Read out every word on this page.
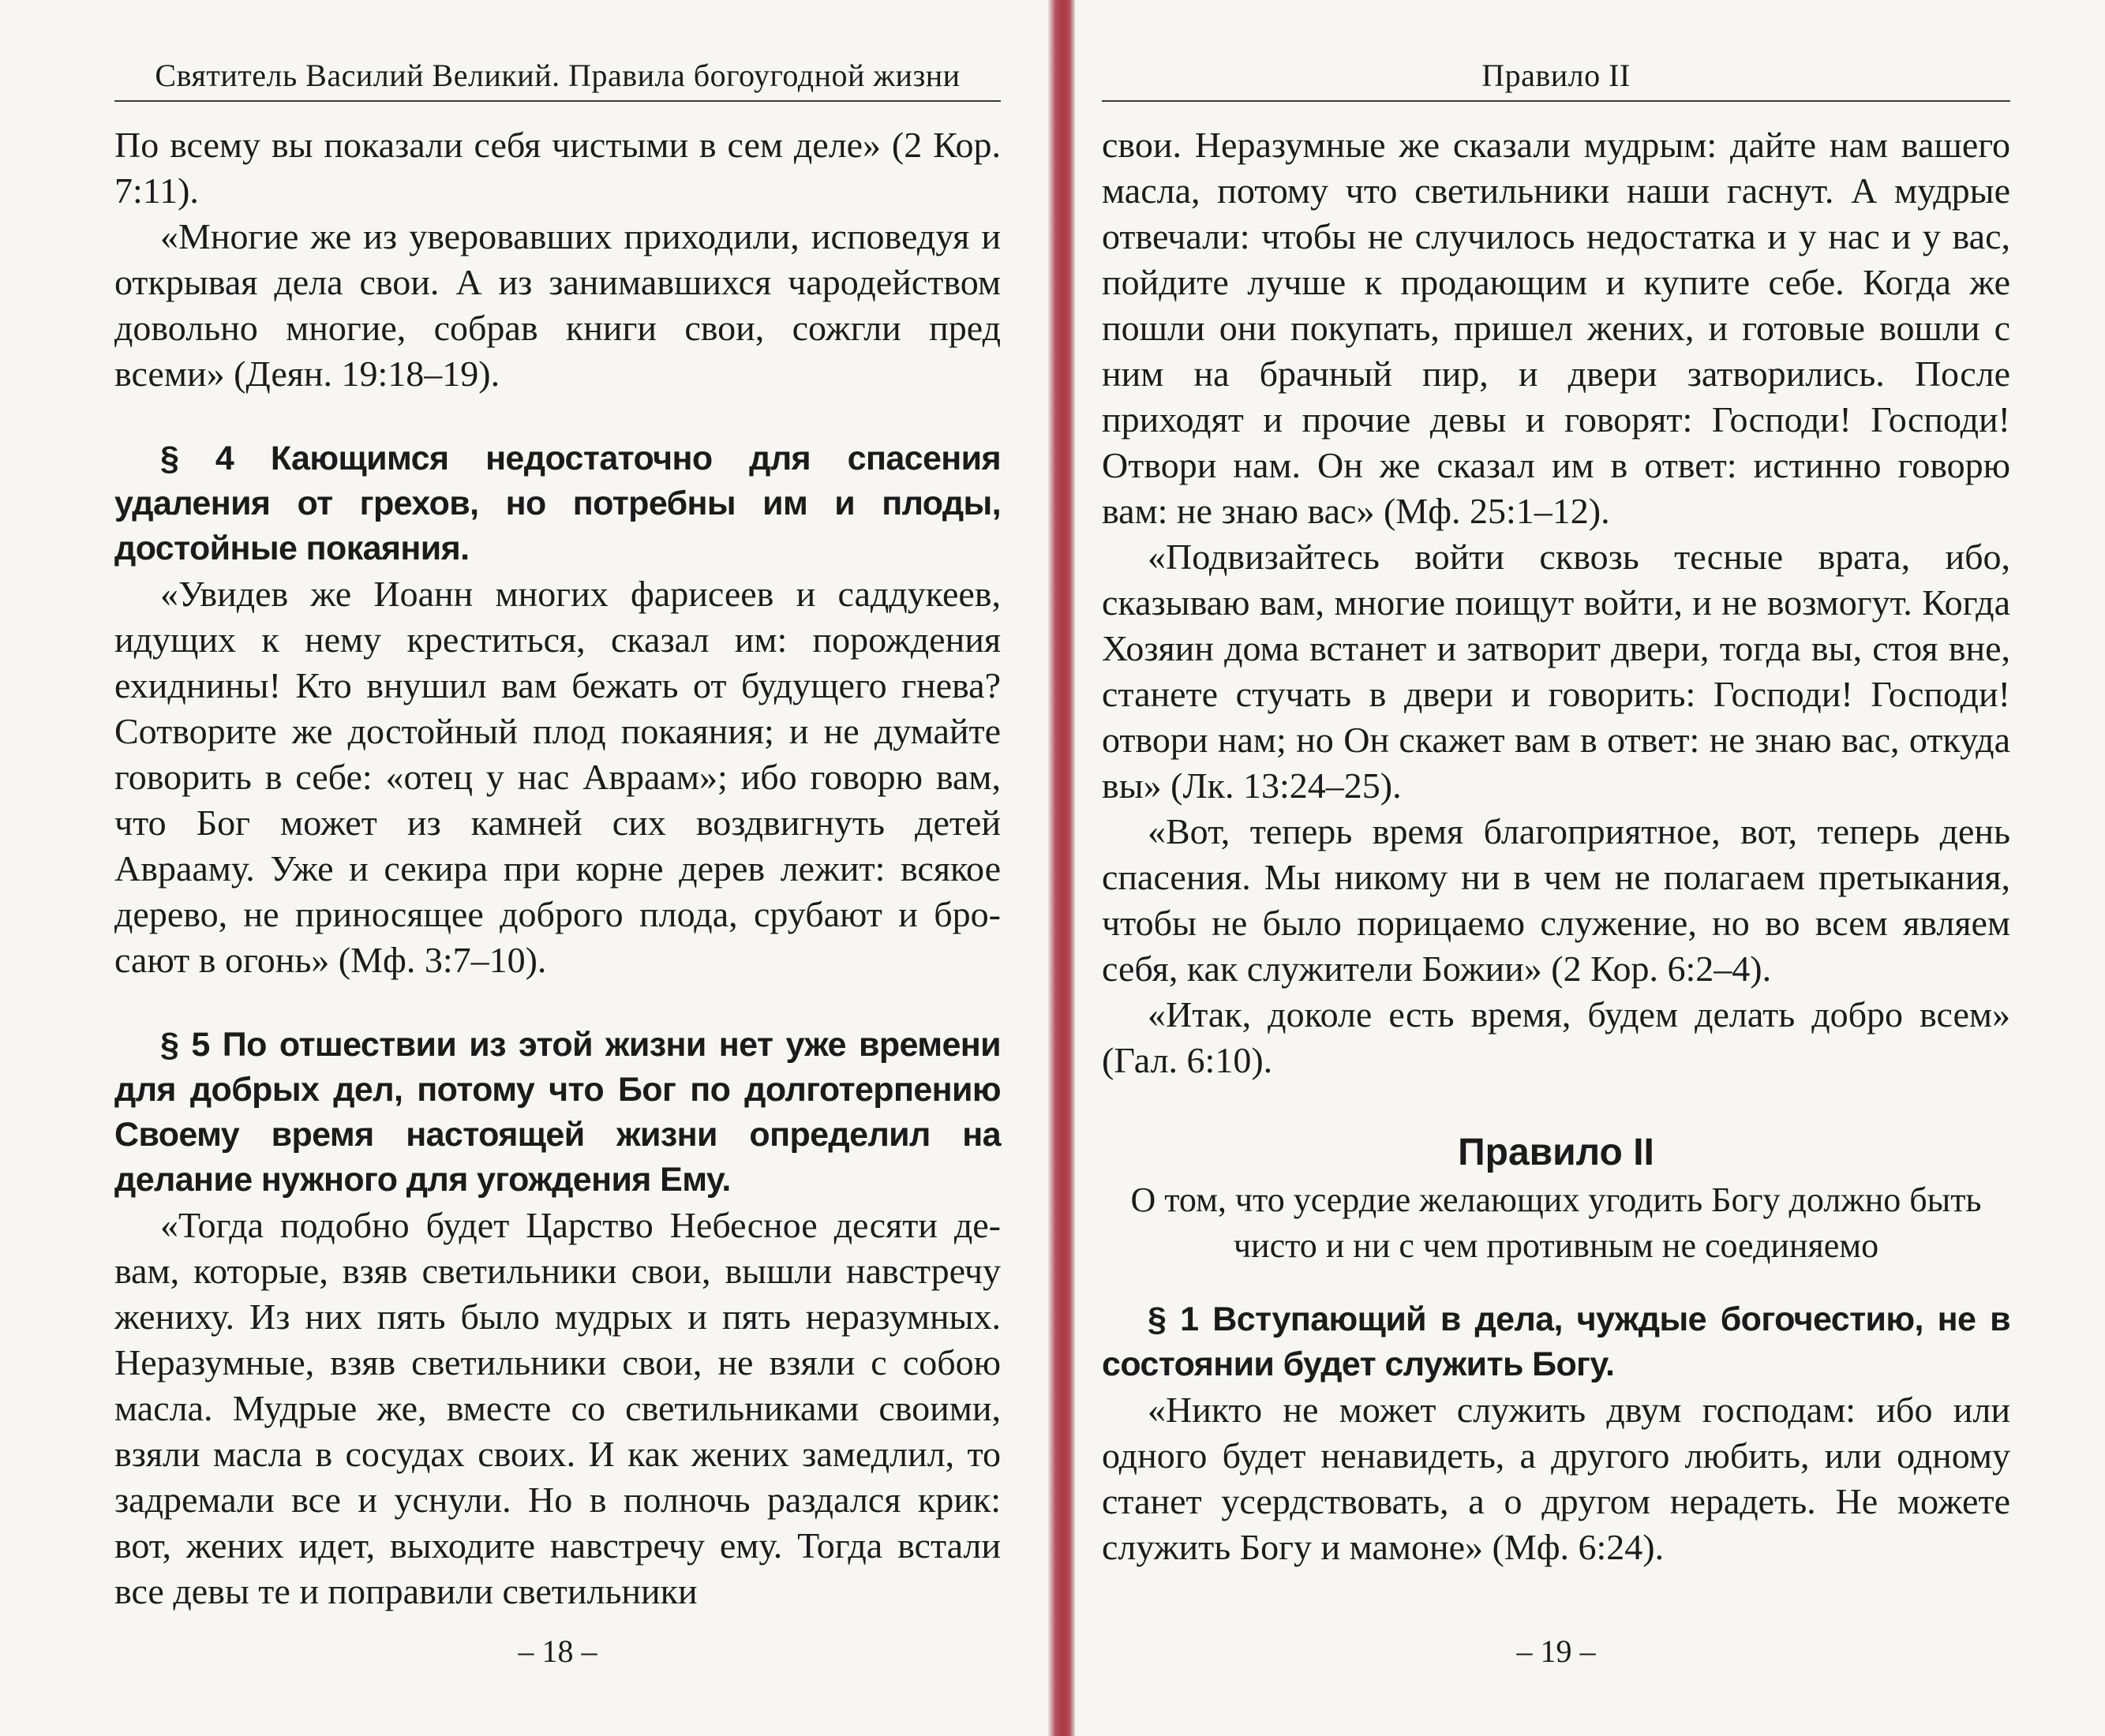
Святитель Василий Великий. Правила богоугодной жизни

По всему вы показали себя чистыми в сем деле» (2 Кор. 7:11).

«Многие же из уверовавших приходили, исповедуя и открывая дела свои. А из занимавшихся чародейством довольно многие, собрав книги свои, сожгли пред всеми» (Деян. 19:18–19).

§ 4 Кающимся недостаточно для спасения удаления от грехов, но потребны им и плоды, достойные покаяния.

«Увидев же Иоанн многих фарисеев и саддукеев, идущих к нему креститься, сказал им: порождения ехиднины! Кто внушил вам бежать от будущего гнева? Сотворите же достойный плод покаяния; и не думайте говорить в себе: «отец у нас Авраам»; ибо говорю вам, что Бог может из камней сих воздвигнуть детей Аврааму. Уже и секира при корне дерев лежит: всякое дерево, не приносящее доброго плода, срубают и бросают в огонь» (Мф. 3:7–10).

§ 5 По отшествии из этой жизни нет уже времени для добрых дел, потому что Бог по долготерпению Своему время настоящей жизни определил на делание нужного для угождения Ему.

«Тогда подобно будет Царство Небесное десяти девам, которые, взяв светильники свои, вышли навстречу жениху. Из них пять было мудрых и пять неразумных. Неразумные, взяв светильники свои, не взяли с собою масла. Мудрые же, вместе со светильниками своими, взяли масла в сосудах своих. И как жених замедлил, то задремали все и уснули. Но в полночь раздался крик: вот, жених идет, выходите навстречу ему. Тогда встали все девы те и поправили светильники

– 18 –
Правило II

свои. Неразумные же сказали мудрым: дайте нам вашего масла, потому что светильники наши гаснут. А мудрые отвечали: чтобы не случилось недостатка и у нас и у вас, пойдите лучше к продающим и купите себе. Когда же пошли они покупать, пришел жених, и готовые вошли с ним на брачный пир, и двери затворились. После приходят и прочие девы и говорят: Господи! Господи! Отвори нам. Он же сказал им в ответ: истинно говорю вам: не знаю вас» (Мф. 25:1–12).

«Подвизайтесь войти сквозь тесные врата, ибо, сказываю вам, многие поищут войти, и не возмогут. Когда Хозяин дома встанет и затворит двери, тогда вы, стоя вне, станете стучать в двери и говорить: Господи! Господи! отвори нам; но Он скажет вам в ответ: не знаю вас, откуда вы» (Лк. 13:24–25).

«Вот, теперь время благоприятное, вот, теперь день спасения. Мы никому ни в чем не полагаем претыкания, чтобы не было порицаемо служение, но во всем являем себя, как служители Божии» (2 Кор. 6:2–4).

«Итак, доколе есть время, будем делать добро всем» (Гал. 6:10).

Правило II

О том, что усердие желающих угодить Богу должно быть чисто и ни с чем противным не соединяемо

§ 1 Вступающий в дела, чуждые богочестию, не в состоянии будет служить Богу.

«Никто не может служить двум господам: ибо или одного будет ненавидеть, а другого любить, или одному станет усердствовать, а о другом нерадеть. Не можете служить Богу и мамоне» (Мф. 6:24).

– 19 –
